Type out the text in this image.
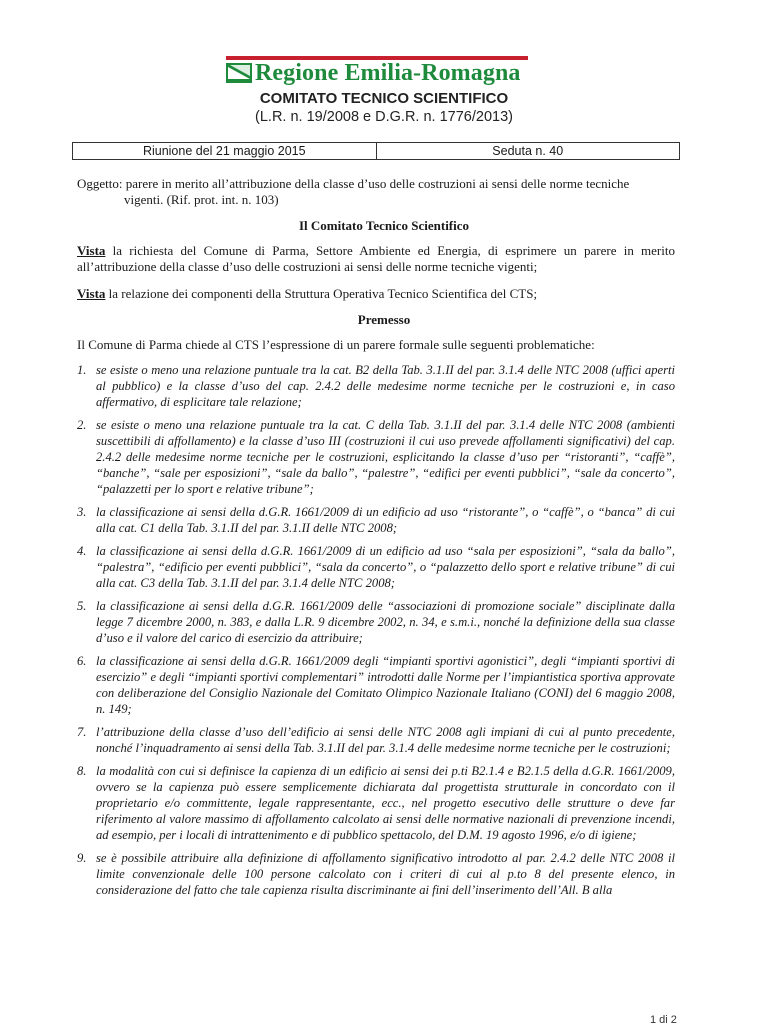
Regione Emilia-Romagna
COMITATO TECNICO SCIENTIFICO
(L.R. n. 19/2008 e D.G.R. n. 1776/2013)
Riunione del 21 maggio 2015	Seduta n. 40
Oggetto: parere in merito all’attribuzione della classe d’uso delle costruzioni ai sensi delle norme tecniche
vigenti. (Rif. prot. int. n. 103)
Il Comitato Tecnico Scientifico
Vista la richiesta del Comune di Parma, Settore Ambiente ed Energia, di esprimere un parere in merito all’attribuzione della classe d’uso delle costruzioni ai sensi delle norme tecniche vigenti;
Vista la relazione dei componenti della Struttura Operativa Tecnico Scientifica del CTS;
Premesso
Il Comune di Parma chiede al CTS l’espressione di un parere formale sulle seguenti problematiche:
1. se esiste o meno una relazione puntuale tra la cat. B2 della Tab. 3.1.II del par. 3.1.4 delle NTC 2008 (uffici aperti al pubblico) e la classe d’uso del cap. 2.4.2 delle medesime norme tecniche per le costruzioni e, in caso affermativo, di esplicitare tale relazione;
2. se esiste o meno una relazione puntuale tra la cat. C della Tab. 3.1.II del par. 3.1.4 delle NTC 2008 (ambienti suscettibili di affollamento) e la classe d’uso III (costruzioni il cui uso prevede affollamenti significativi) del cap. 2.4.2 delle medesime norme tecniche per le costruzioni, esplicitando la classe d’uso per “ristoranti”, “caffè”, “banche”, “sale per esposizioni”, “sale da ballo”, “palestre”, “edifici per eventi pubblici”, “sale da concerto”, “palazzetti per lo sport e relative tribune”;
3. la classificazione ai sensi della d.G.R. 1661/2009 di un edificio ad uso “ristorante”, o “caffè”, o “banca” di cui alla cat. C1 della Tab. 3.1.II del par. 3.1.II delle NTC 2008;
4. la classificazione ai sensi della d.G.R. 1661/2009 di un edificio ad uso “sala per esposizioni”, “sala da ballo”, “palestra”, “edificio per eventi pubblici”, “sala da concerto”, o “palazzetto dello sport e relative tribune” di cui alla cat. C3 della Tab. 3.1.II del par. 3.1.4 delle NTC 2008;
5. la classificazione ai sensi della d.G.R. 1661/2009 delle “associazioni di promozione sociale” disciplinate dalla legge 7 dicembre 2000, n. 383, e dalla L.R. 9 dicembre 2002, n. 34, e s.m.i., nonché la definizione della sua classe d’uso e il valore del carico di esercizio da attribuire;
6. la classificazione ai sensi della d.G.R. 1661/2009 degli “impianti sportivi agonistici”, degli “impianti sportivi di esercizio” e degli “impianti sportivi complementari” introdotti dalle Norme per l’impiantistica sportiva approvate con deliberazione del Consiglio Nazionale del Comitato Olimpico Nazionale Italiano (CONI) del 6 maggio 2008, n. 149;
7. l’attribuzione della classe d’uso dell’edificio ai sensi delle NTC 2008 agli impiani di cui al punto precedente, nonché l’inquadramento ai sensi della Tab. 3.1.II del par. 3.1.4 delle medesime norme tecniche per le costruzioni;
8. la modalità con cui si definisce la capienza di un edificio ai sensi dei p.ti B2.1.4 e B2.1.5 della d.G.R. 1661/2009, ovvero se la capienza può essere semplicemente dichiarata dal progettista strutturale in concordato con il proprietario e/o committente, legale rappresentante, ecc., nel progetto esecutivo delle strutture o deve far riferimento al valore massimo di affollamento calcolato ai sensi delle normative nazionali di prevenzione incendi, ad esempio, per i locali di intrattenimento e di pubblico spettacolo, del D.M. 19 agosto 1996, e/o di igiene;
9. se è possibile attribuire alla definizione di affollamento significativo introdotto al par. 2.4.2 delle NTC 2008 il limite convenzionale delle 100 persone calcolato con i criteri di cui al p.to 8 del presente elenco, in considerazione del fatto che tale capienza risulta discriminante ai fini dell’inserimento dell’All. B alla
1 di 2
